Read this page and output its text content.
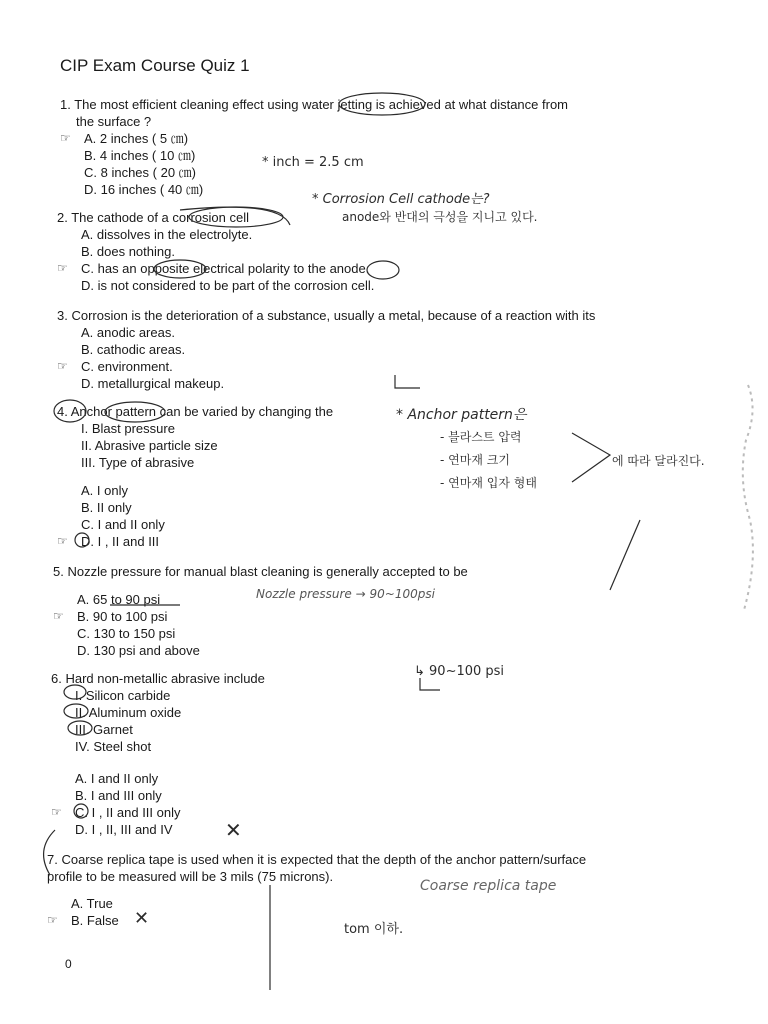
CIP Exam Course Quiz 1
1. The most efficient cleaning effect using water jetting is achieved at what distance from
the surface ?
☞ A. 2 inches ( 5 ㎝)
B. 4 inches ( 10 ㎝)
C. 8 inches ( 20 ㎝)
D. 16 inches ( 40 ㎝)
2. The cathode of a corrosion cell
A. dissolves in the electrolyte.
B. does nothing.
☞ C. has an opposite electrical polarity to the anode.
D. is not considered to be part of the corrosion cell.
3. Corrosion is the deterioration of a substance, usually a metal, because of a reaction with its
A. anodic areas.
B. cathodic areas.
☞ C. environment.
D. metallurgical makeup.
4. Anchor pattern can be varied by changing the
I. Blast pressure
II. Abrasive particle size
III. Type of abrasive
A. I only
B. II only
C. I and II only
☞ D. I , II and III
5. Nozzle pressure for manual blast cleaning is generally accepted to be
A. 65 to 90 psi
☞ B. 90 to 100 psi
C. 130 to 150 psi
D. 130 psi and above
6. Hard non-metallic abrasive include
I. Silicon carbide
II. Aluminum oxide
III. Garnet
IV. Steel shot
A. I and II only
B. I and III only
☞ C. I , II and III only
D. I , II, III and IV
7. Coarse replica tape is used when it is expected that the depth of the anchor pattern/surface
profile to be measured will be 3 mils (75 microns).
A. True
☞ B. False
* inch = 2.5 cm
* Corrosion Cell cathode는?
anode와 반대의 극성을 지니고 있다.
* Anchor pattern은
- 블라스트 압력
- 연마재 크기
- 연마재 입자 형태
에 따라 달라진다.
Nozzle pressure → 90~100psi
↳ 90~100 psi
Coarse replica tape
tom 이하.
✕
✕
0
